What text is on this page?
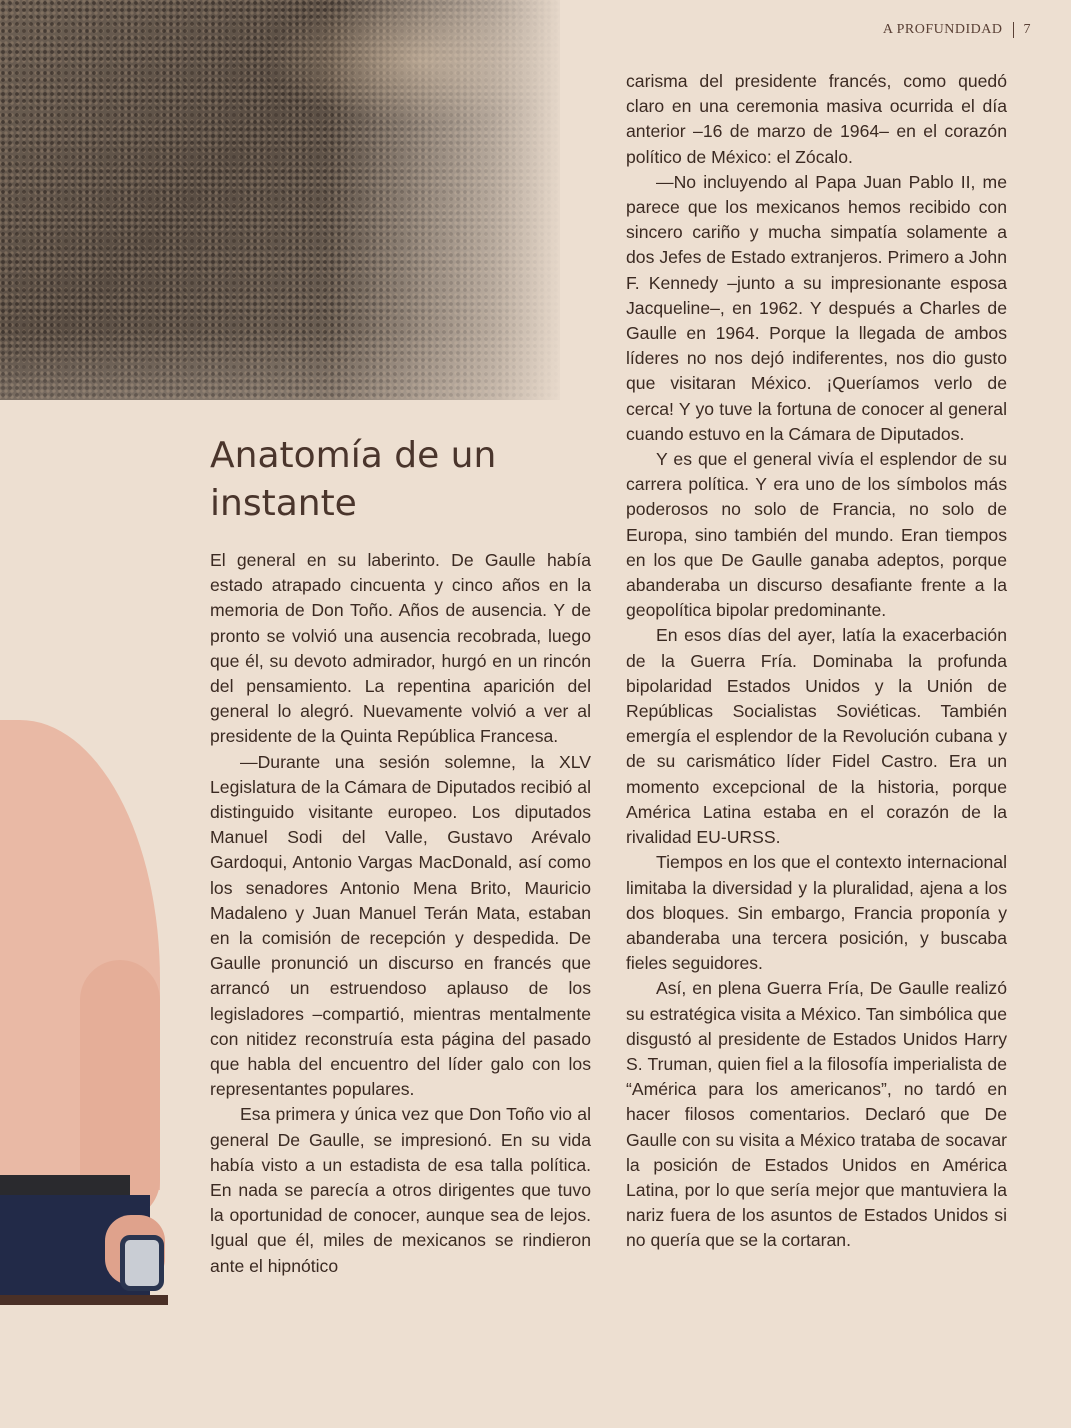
A PROFUNDIDAD 7
Anatomía de un instante

El general en su laberinto. De Gaulle había estado atrapado cincuenta y cinco años en la memoria de Don Toño. Años de ausencia. Y de pronto se volvió una ausencia recobrada, luego que él, su devoto admirador, hurgó en un rincón del pensamiento. La repentina aparición del general lo alegró. Nuevamente volvió a ver al presidente de la Quinta República Francesa.

—Durante una sesión solemne, la XLV Legislatura de la Cámara de Diputados recibió al distinguido visitante europeo. Los diputados Manuel Sodi del Valle, Gustavo Arévalo Gardoqui, Antonio Vargas MacDonald, así como los senadores Antonio Mena Brito, Mauricio Madaleno y Juan Manuel Terán Mata, estaban en la comisión de recepción y despedida. De Gaulle pronunció un discurso en francés que arrancó un estruendoso aplauso de los legisladores –compartió, mientras mentalmente con nitidez reconstruía esta página del pasado que habla del encuentro del líder galo con los representantes populares.

Esa primera y única vez que Don Toño vio al general De Gaulle, se impresionó. En su vida había visto a un estadista de esa talla política. En nada se parecía a otros dirigentes que tuvo la oportunidad de conocer, aunque sea de lejos. Igual que él, miles de mexicanos se rindieron ante el hipnótico

carisma del presidente francés, como quedó claro en una ceremonia masiva ocurrida el día anterior –16 de marzo de 1964– en el corazón político de México: el Zócalo.

—No incluyendo al Papa Juan Pablo II, me parece que los mexicanos hemos recibido con sincero cariño y mucha simpatía solamente a dos Jefes de Estado extranjeros. Primero a John F. Kennedy –junto a su impresionante esposa Jacqueline–, en 1962. Y después a Charles de Gaulle en 1964. Porque la llegada de ambos líderes no nos dejó indiferentes, nos dio gusto que visitaran México. ¡Queríamos verlo de cerca! Y yo tuve la fortuna de conocer al general cuando estuvo en la Cámara de Diputados.

Y es que el general vivía el esplendor de su carrera política. Y era uno de los símbolos más poderosos no solo de Francia, no solo de Europa, sino también del mundo. Eran tiempos en los que De Gaulle ganaba adeptos, porque abanderaba un discurso desafiante frente a la geopolítica bipolar predominante.

En esos días del ayer, latía la exacerbación de la Guerra Fría. Dominaba la profunda bipolaridad Estados Unidos y la Unión de Repúblicas Socialistas Soviéticas. También emergía el esplendor de la Revolución cubana y de su carismático líder Fidel Castro. Era un momento excepcional de la historia, porque América Latina estaba en el corazón de la rivalidad EU-URSS.

Tiempos en los que el contexto internacional limitaba la diversidad y la pluralidad, ajena a los dos bloques. Sin embargo, Francia proponía y abanderaba una tercera posición, y buscaba fieles seguidores.

Así, en plena Guerra Fría, De Gaulle realizó su estratégica visita a México. Tan simbólica que disgustó al presidente de Estados Unidos Harry S. Truman, quien fiel a la filosofía imperialista de “América para los americanos”, no tardó en hacer filosos comentarios. Declaró que De Gaulle con su visita a México trataba de socavar la posición de Estados Unidos en América Latina, por lo que sería mejor que mantuviera la nariz fuera de los asuntos de Estados Unidos si no quería que se la cortaran.
